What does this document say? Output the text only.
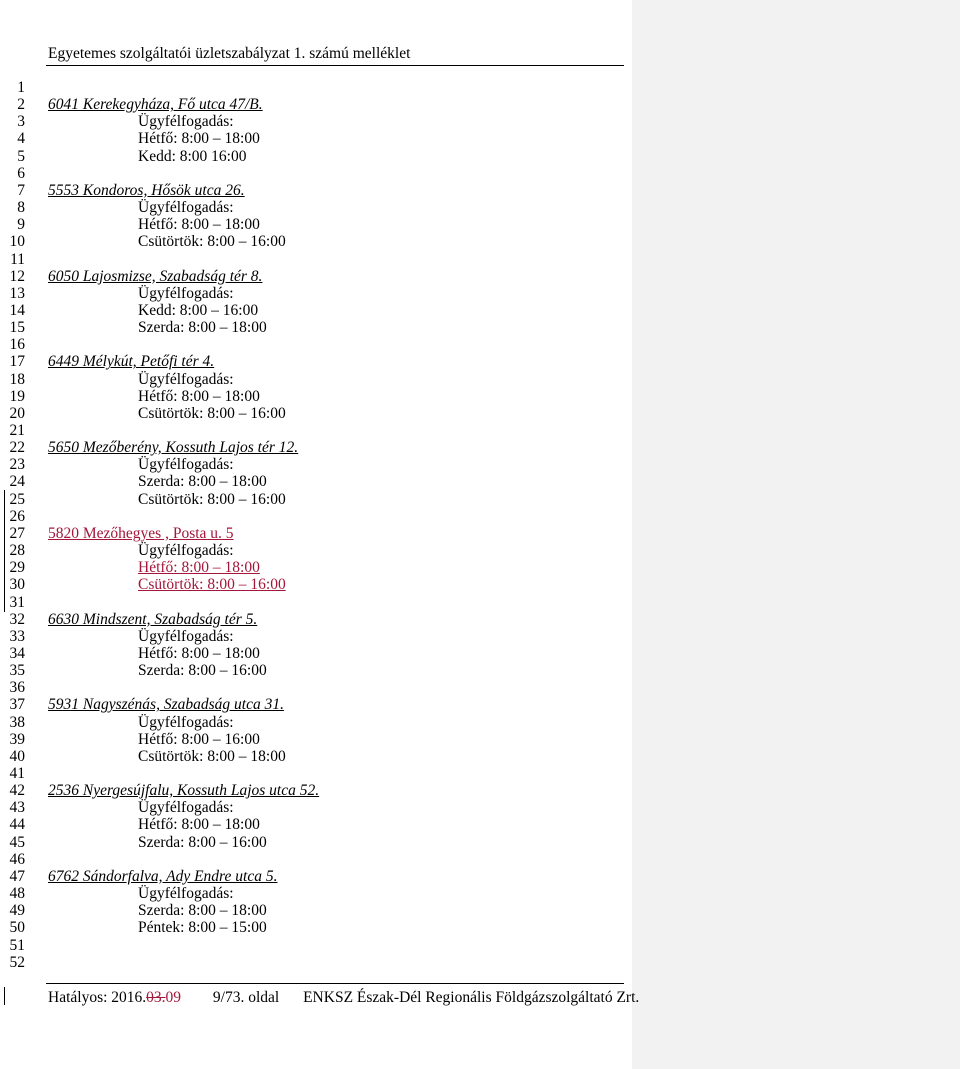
Egyetemes szolgáltatói üzletszabályzat 1. számú melléklet
1
2
3
4
5
6
7
8
9
10
11
12
13
14
15
16
17
18
19
20
21
22
23
24
25
26
27
28
29
30
31
32
33
34
35
36
37
38
39
40
41
42
43
44
45
46
47
48
49
50
51
52
6041 Kerekegyháza, Fő utca 47/B.
Ügyfélfogadás:
Hétfő: 8:00 – 18:00
Kedd: 8:00 16:00
5553 Kondoros, Hősök utca 26.
Ügyfélfogadás:
Hétfő: 8:00 – 18:00
Csütörtök: 8:00 – 16:00
6050 Lajosmizse, Szabadság tér 8.
Ügyfélfogadás:
Kedd: 8:00 – 16:00
Szerda: 8:00 – 18:00
6449 Mélykút, Petőfi tér 4.
Ügyfélfogadás:
Hétfő: 8:00 – 18:00
Csütörtök: 8:00 – 16:00
5650 Mezőberény, Kossuth Lajos tér 12.
Ügyfélfogadás:
Szerda: 8:00 – 18:00
Csütörtök: 8:00 – 16:00
5820 Mezőhegyes , Posta u. 5
Ügyfélfogadás:
Hétfő: 8:00 – 18:00
Csütörtök: 8:00 – 16:00
6630 Mindszent, Szabadság tér 5.
Ügyfélfogadás:
Hétfő: 8:00 – 18:00
Szerda: 8:00 – 16:00
5931 Nagyszénás, Szabadság utca 31.
Ügyfélfogadás:
Hétfő: 8:00 – 16:00
Csütörtök: 8:00 – 18:00
2536 Nyergesújfalu, Kossuth Lajos utca 52.
Ügyfélfogadás:
Hétfő: 8:00 – 18:00
Szerda: 8:00 – 16:00
6762 Sándorfalva, Ady Endre utca 5.
Ügyfélfogadás:
Szerda: 8:00 – 18:00
Péntek: 8:00 – 15:00
Hatályos: 2016.03.09 9/73. oldal ENKSZ Észak-Dél Regionális Földgázszolgáltató Zrt.
